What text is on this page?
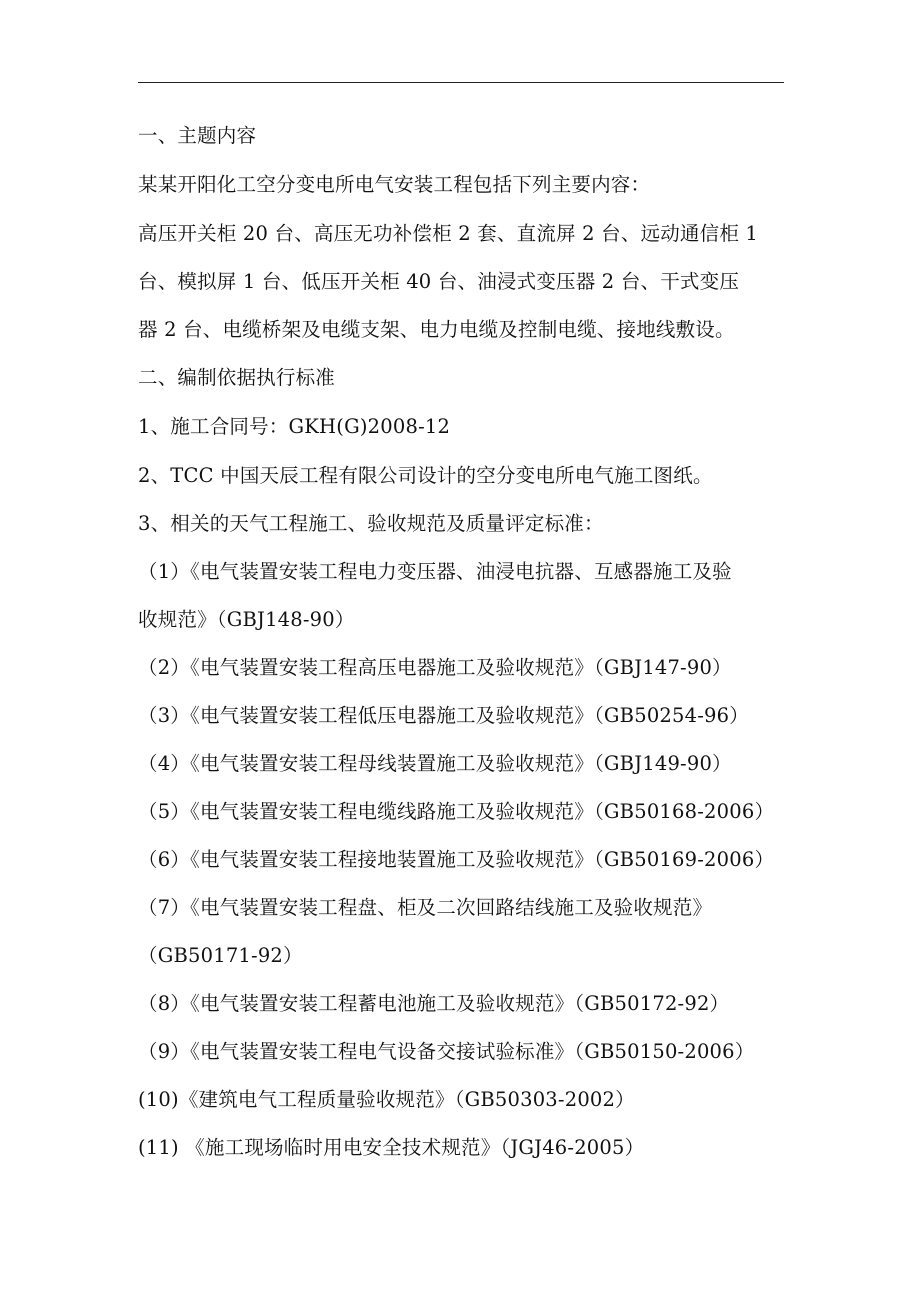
一、主题内容
某某开阳化工空分变电所电气安装工程包括下列主要内容：
高压开关柜 20 台、高压无功补偿柜 2 套、直流屏 2 台、远动通信柜 1
台、模拟屏 1 台、低压开关柜 40 台、油浸式变压器 2 台、干式变压
器 2 台、电缆桥架及电缆支架、电力电缆及控制电缆、接地线敷设。
二、编制依据执行标准
1、施工合同号：GKH(G)2008-12
2、TCC 中国天辰工程有限公司设计的空分变电所电气施工图纸。
3、相关的天气工程施工、验收规范及质量评定标准：
（1）《电气装置安装工程电力变压器、油浸电抗器、互感器施工及验
收规范》（GBJ148-90）
（2）《电气装置安装工程高压电器施工及验收规范》（GBJ147-90）
（3）《电气装置安装工程低压电器施工及验收规范》（GB50254-96）
（4）《电气装置安装工程母线装置施工及验收规范》（GBJ149-90）
（5）《电气装置安装工程电缆线路施工及验收规范》（GB50168-2006）
（6）《电气装置安装工程接地装置施工及验收规范》（GB50169-2006）
（7）《电气装置安装工程盘、柜及二次回路结线施工及验收规范》
（GB50171-92）
（8）《电气装置安装工程蓄电池施工及验收规范》（GB50172-92）
（9）《电气装置安装工程电气设备交接试验标准》（GB50150-2006）
(10)《建筑电气工程质量验收规范》（GB50303-2002）
(11) 《施工现场临时用电安全技术规范》（JGJ46-2005）
